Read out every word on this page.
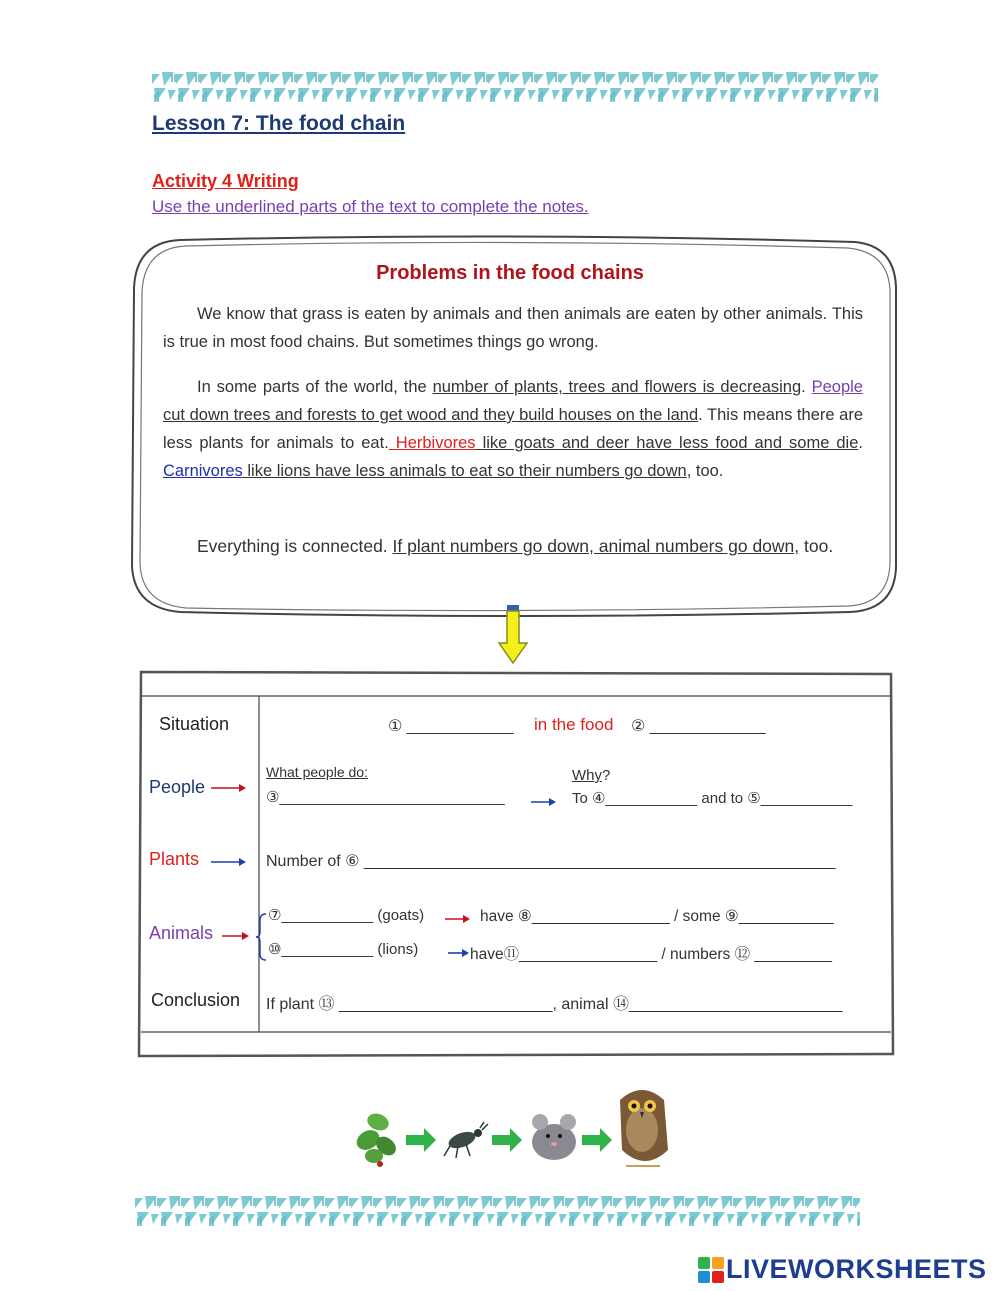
Lesson 7: The food chain
Activity 4 Writing
Use the underlined parts of the text to complete the notes.
Problems in the food chains
We know that grass is eaten by animals and then animals are eaten by other animals. This is true in most food chains. But sometimes things go wrong.
In some parts of the world, the number of plants, trees and flowers is decreasing. People cut down trees and forests to get wood and they build houses on the land. This means there are less plants for animals to eat. Herbivores like goats and deer have less food and some die. Carnivores like lions have less animals to eat so their numbers go down, too.
Everything is connected. If plant numbers go down, animal numbers go down, too.
Situation	① ____________ in the food ② _____________
People
What people do:
③___________________________
Why?
To ④___________ and to ⑤___________
Plants	Number of ⑥ _____________________________________________________
Animals
⑦___________ (goats)	have ⑧________________ / some ⑨___________
⑩___________ (lions)	have⑪________________ / numbers ⑫ _________
Conclusion If plant ⑬ ________________________, animal ⑭________________________
LIVEWORKSHEETS
